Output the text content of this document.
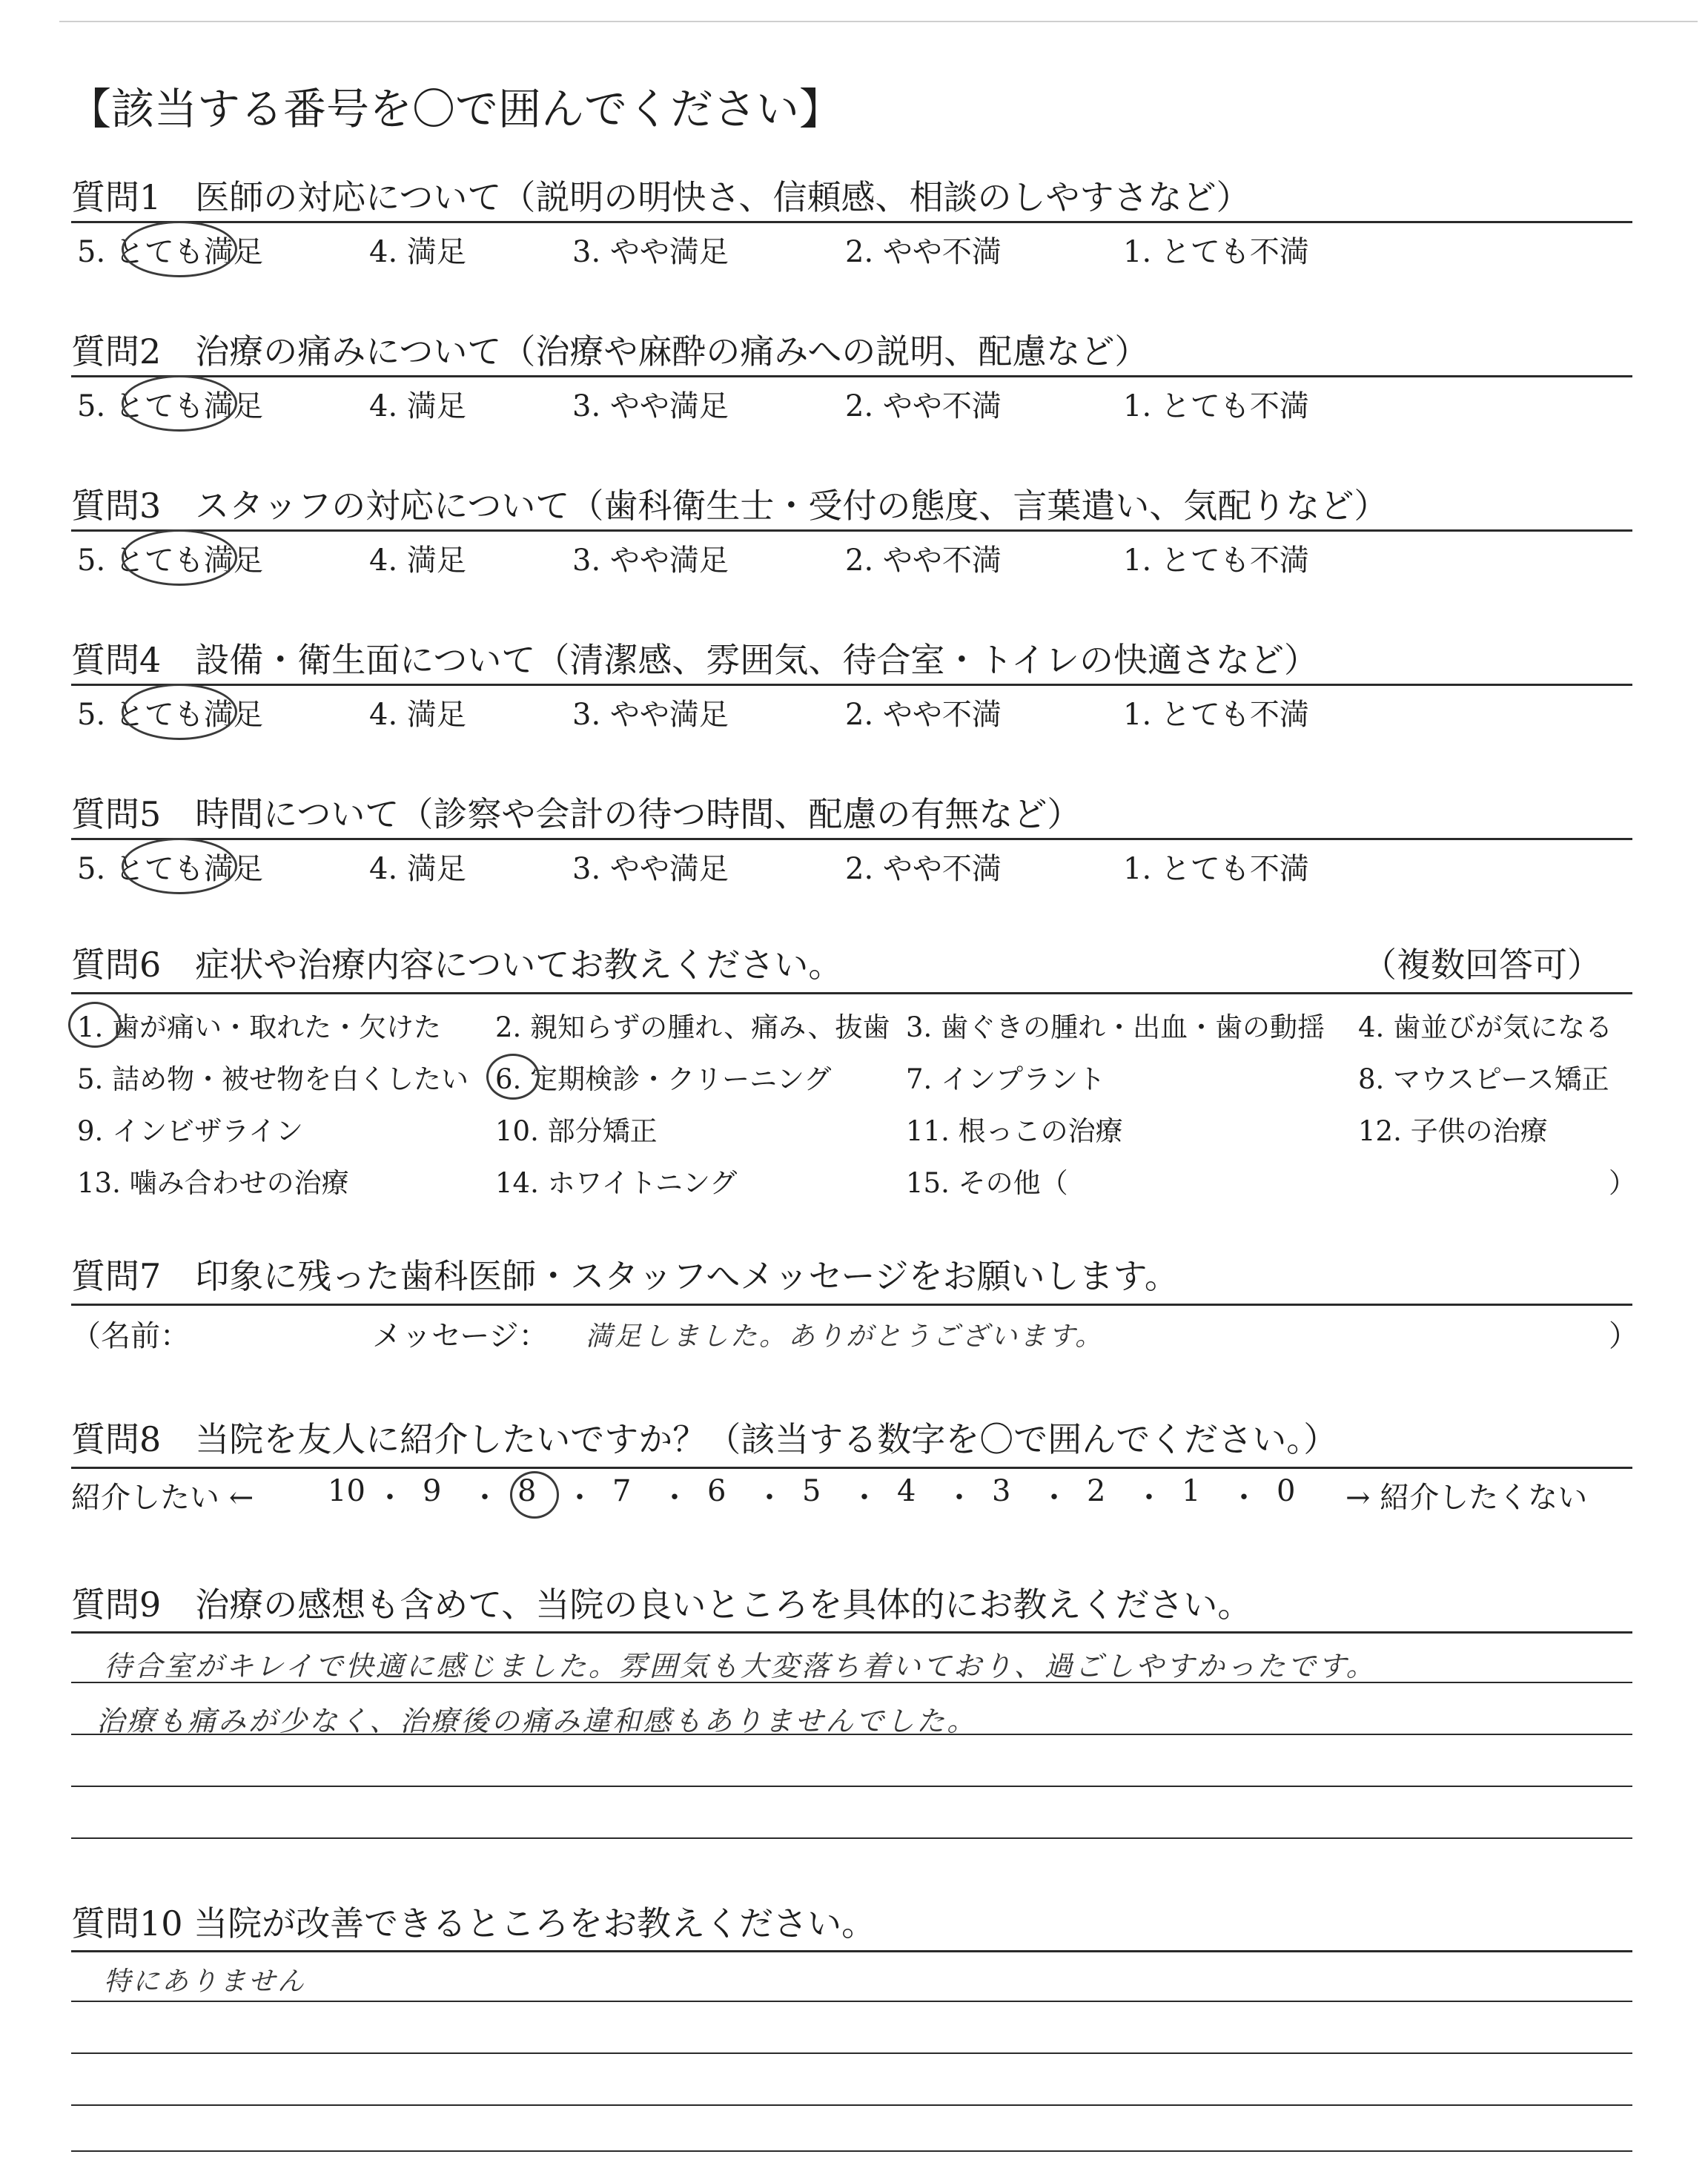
【該当する番号を〇で囲んでください】
質問1　医師の対応について（説明の明快さ、信頼感、相談のしやすさなど）
5. とても満足	4. 満足	3. やや満足	2. やや不満	1. とても不満
質問2　治療の痛みについて（治療や麻酔の痛みへの説明、配慮など）
5. とても満足	4. 満足	3. やや満足	2. やや不満	1. とても不満
質問3　スタッフの対応について（歯科衛生士・受付の態度、言葉遣い、気配りなど）
5. とても満足	4. 満足	3. やや満足	2. やや不満	1. とても不満
質問4　設備・衛生面について（清潔感、雰囲気、待合室・トイレの快適さなど）
5. とても満足	4. 満足	3. やや満足	2. やや不満	1. とても不満
質問5　時間について（診察や会計の待つ時間、配慮の有無など）
5. とても満足	4. 満足	3. やや満足	2. やや不満	1. とても不満
質問6　症状や治療内容についてお教えください。	（複数回答可）
1. 歯が痛い・取れた・欠けた 2. 親知らずの腫れ、痛み、抜歯 3. 歯ぐきの腫れ・出血・歯の動揺 4. 歯並びが気になる
5. 詰め物・被せ物を白くしたい 6. 定期検診・クリーニング	7. インプラント	8. マウスピース矯正
9. インビザライン	10. 部分矯正	11. 根っこの治療	12. 子供の治療
13. 噛み合わせの治療	14. ホワイトニング	15. その他（	）
質問7　印象に残った歯科医師・スタッフへメッセージをお願いします。
（名前：	メッセージ： 満足しました。ありがとうございます。	）
質問8　当院を友人に紹介したいですか？（該当する数字を〇で囲んでください。）
紹介したい ← 10 ・ 9 ・ 8 ・ 7 ・ 6 ・ 5 ・ 4 ・ 3 ・ 2 ・ 1 ・ 0 → 紹介したくない
質問9　治療の感想も含めて、当院の良いところを具体的にお教えください。
待合室がキレイで快適に感じました。雰囲気も大変落ち着いており、過ごしやすかったです。
治療も痛みが少なく、治療後の痛み違和感もありませんでした。
質問10 当院が改善できるところをお教えください。
特にありません
